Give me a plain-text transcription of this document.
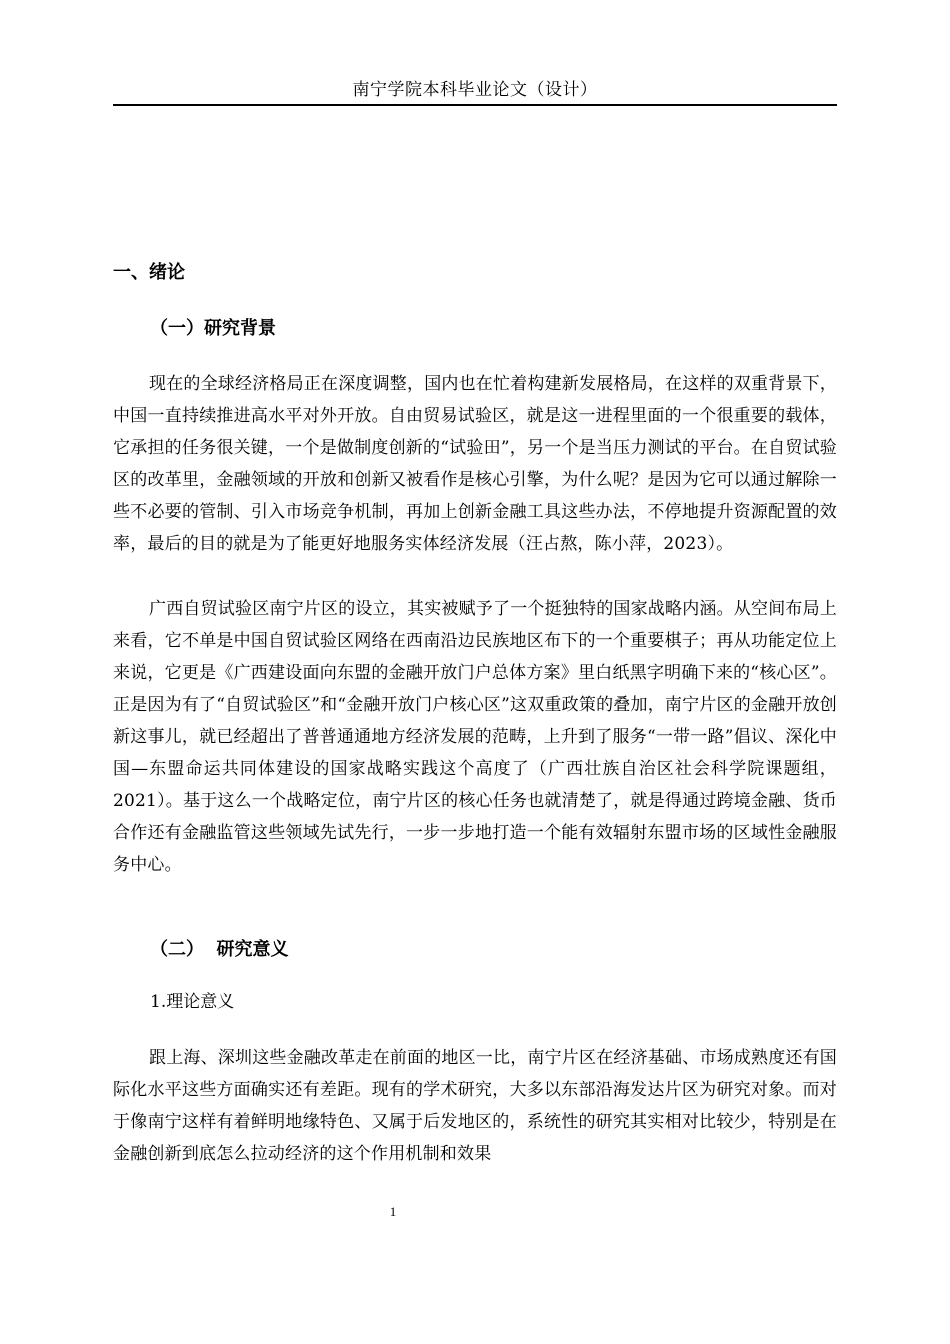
南宁学院本科毕业论文（设计）
一、绪论
（一）研究背景

现在的全球经济格局正在深度调整，国内也在忙着构建新发展格局，在这样的双重背景下，中国一直持续推进高水平对外开放。自由贸易试验区，就是这一进程里面的一个很重要的载体，它承担的任务很关键，一个是做制度创新的“试验田”，另一个是当压力测试的平台。在自贸试验区的改革里，金融领域的开放和创新又被看作是核心引擎，为什么呢？是因为它可以通过解除一些不必要的管制、引入市场竞争机制，再加上创新金融工具这些办法，不停地提升资源配置的效率，最后的目的就是为了能更好地服务实体经济发展（汪占熬，陈小萍，2023）。

广西自贸试验区南宁片区的设立，其实被赋予了一个挺独特的国家战略内涵。从空间布局上来看，它不单是中国自贸试验区网络在西南沿边民族地区布下的一个重要棋子；再从功能定位上来说，它更是《广西建设面向东盟的金融开放门户总体方案》里白纸黑字明确下来的“核心区”。正是因为有了“自贸试验区”和“金融开放门户核心区”这双重政策的叠加，南宁片区的金融开放创新这事儿，就已经超出了普普通通地方经济发展的范畴，上升到了服务“一带一路”倡议、深化中国—东盟命运共同体建设的国家战略实践这个高度了（广西壮族自治区社会科学院课题组，2021）。基于这么一个战略定位，南宁片区的核心任务也就清楚了，就是得通过跨境金融、货币合作还有金融监管这些领域先试先行，一步一步地打造一个能有效辐射东盟市场的区域性金融服务中心。

（二）  研究意义
1.理论意义

跟上海、深圳这些金融改革走在前面的地区一比，南宁片区在经济基础、市场成熟度还有国际化水平这些方面确实还有差距。现有的学术研究，大多以东部沿海发达片区为研究对象。而对于像南宁这样有着鲜明地缘特色、又属于后发地区的，系统性的研究其实相对比较少，特别是在金融创新到底怎么拉动经济的这个作用机制和效果

1
